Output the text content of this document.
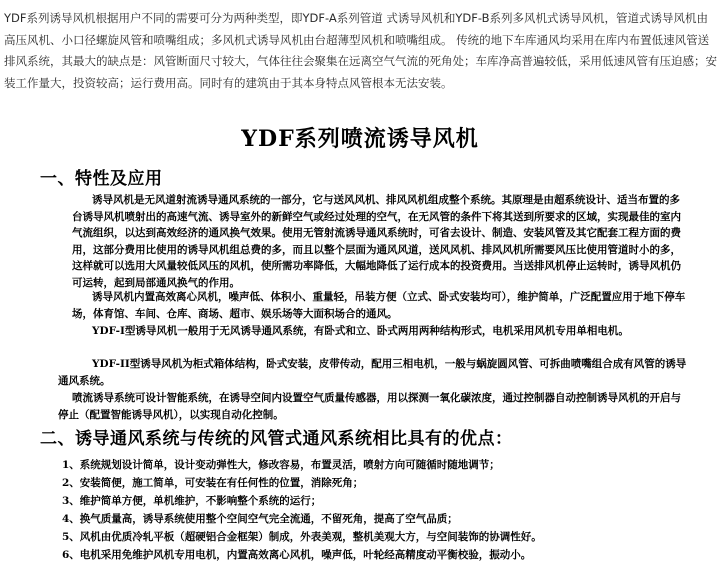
YDF系列诱导风机根据用户不同的需要可分为两种类型，即YDF-A系列管道 式诱导风机和YDF-B系列多风机式诱导风机，管道式诱导风机由高压风机、小口径螺旋风管和喷嘴组成；多风机式诱导风机由台超薄型风机和喷嘴组成。 传统的地下车库通风均采用在库内布置低速风管送排风系统，其最大的缺点是：风管断面尺寸较大，气体往往会聚集在远离空气气流的死角处；车库净高普遍较低，采用低速风管有压迫感；安装工作量大，投资较高；运行费用高。同时有的建筑由于其本身特点风管根本无法安装。

YDF系列喷流诱导风机
一、特性及应用

诱导风机是无风道射流诱导通风系统的一部分，它与送风风机、排风风机组成整个系统。其原理是由超系统设计、适当布置的多台诱导风机喷射出的高速气流、诱导室外的新鲜空气或经过处理的空气，在无风管的条件下将其送到所要求的区域，实现最佳的室内气流组织，以达到高效经济的通风换气效果。使用无管射流诱导通风系统时，可省去设计、制造、安装风管及其它配套工程方面的费用，这部分费用比使用的诱导风机组总费的多，而且以整个层面为通风风道，送风风机、排风风机所需要风压比使用管道时小的多，这样就可以选用大风量较低风压的风机，使所需功率降低，大幅地降低了运行成本的投资费用。当送排风机停止运转时，诱导风机仍可运转，起到局部通风换气的作用。

诱导风机内置高效离心风机，噪声低、体积小、重量轻，吊装方便（立式、卧式安装均可），维护简单，广泛配置应用于地下停车场，体育馆、车间、仓库、商场、超市、娱乐场等大面积场合的通风。

YDF-I型诱导风机一般用于无风诱导通风系统，有卧式和立、卧式两用两种结构形式，电机采用风机专用单相电机。

YDF-II型诱导风机为柜式箱体结构，卧式安装，皮带传动，配用三相电机，一般与蜗旋圆风管、可拆曲喷嘴组合成有风管的诱导通风系统。

喷流诱导系统可设计智能系统，在诱导空间内设置空气质量传感器，用以探测一氧化碳浓度，通过控制器自动控制诱导风机的开启与停止（配置智能诱导风机），以实现自动化控制。

二、诱导通风系统与传统的风管式通风系统相比具有的优点：
1、系统规划设计简单，设计变动弹性大，修改容易，布置灵活，喷射方向可随循时随地调节；
2、安装简便，施工简单，可安装在有任何性的位置，消除死角；
3、维护简单方便，单机维护，不影响整个系统的运行；
4、换气质量高，诱导系统使用整个空间空气完全流通，不留死角，提高了空气品质；
5、风机由优质冷轧平板（超硬铝合金框架）制成，外表美观，整机美观大方，与空间装饰的协调性好。
6、电机采用免维护风机专用电机，内置高效离心风机，噪声低，叶轮经高精度动平衡校验，振动小。
